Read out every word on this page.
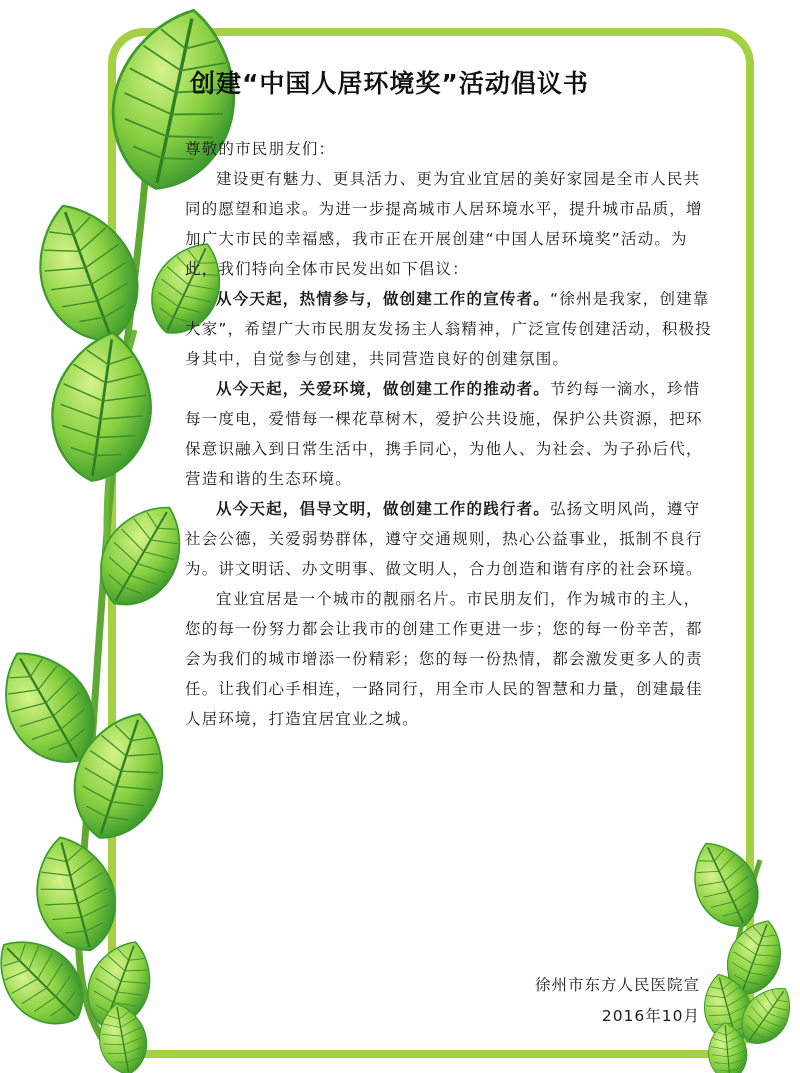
创建“中国人居环境奖”活动倡议书

尊敬的市民朋友们：

建设更有魅力、更具活力、更为宜业宜居的美好家园是全市人民共同的愿望和追求。为进一步提高城市人居环境水平，提升城市品质，增加广大市民的幸福感，我市正在开展创建“中国人居环境奖”活动。为此，我们特向全体市民发出如下倡议：

从今天起，热情参与，做创建工作的宣传者。“徐州是我家，创建靠大家”，希望广大市民朋友发扬主人翁精神，广泛宣传创建活动，积极投身其中，自觉参与创建，共同营造良好的创建氛围。

从今天起，关爱环境，做创建工作的推动者。节约每一滴水，珍惜每一度电，爱惜每一棵花草树木，爱护公共设施，保护公共资源，把环保意识融入到日常生活中，携手同心，为他人、为社会、为子孙后代，营造和谐的生态环境。

从今天起，倡导文明，做创建工作的践行者。弘扬文明风尚，遵守社会公德，关爱弱势群体，遵守交通规则，热心公益事业，抵制不良行为。讲文明话、办文明事、做文明人，合力创造和谐有序的社会环境。

宜业宜居是一个城市的靓丽名片。市民朋友们，作为城市的主人，您的每一份努力都会让我市的创建工作更进一步；您的每一份辛苦，都会为我们的城市增添一份精彩；您的每一份热情，都会激发更多人的责任。让我们心手相连，一路同行，用全市人民的智慧和力量，创建最佳人居环境，打造宜居宜业之城。

徐州市东方人民医院宣
2016年10月
